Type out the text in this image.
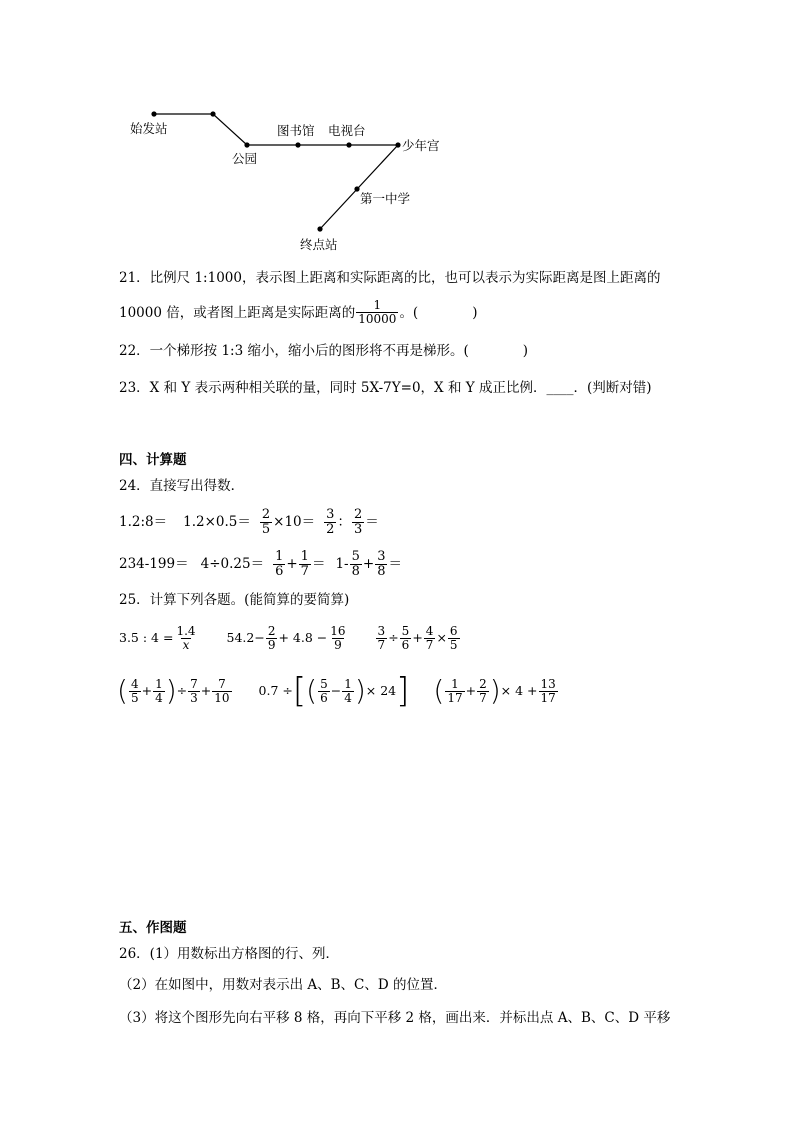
始发站
公园
图书馆 电视台
少年宫
第一中学
终点站
21．比例尺 1:1000，表示图上距离和实际距离的比，也可以表示为实际距离是图上距离的
10000 倍，或者图上距离是实际距离的 $\frac{1}{10000}$ 。(　　　　)
22．一个梯形按 1:3 缩小，缩小后的图形将不再是梯形。(　　　　)
23．X 和 Y 表示两种相关联的量，同时 5X-7Y=0，X 和 Y 成正比例．____．(判断对错)
四、计算题
24．直接写出得数．
1.2:8＝ $1.2\times 0.5= \frac{2}{5} \times 10= \frac{3}{2}$ ： $\frac{2}{3}$ ＝
$234-199= 4\div 0.25= \frac{1}{6} + \frac{1}{7} = 1- \frac{5}{8} + \frac{3}{8}$ ＝
25．计算下列各题。(能简算的要简算)
3.5 : $4 = \frac{1.4}{x} 54.2- \frac{2}{9} + 4.8 - \frac{16}{9} \frac{3}{7} \div \frac{5}{6} + \frac{4}{7} \times \frac{6}{5}$
( $\frac{4}{5} + \frac{1}{4}$ ) ÷ $\frac{7}{3} + \frac{7}{10} 0.7$ ÷ [ ( $\frac{5}{6} - \frac{1}{4}$ ) × 24 ] ( $\frac{1}{17} + \frac{2}{7}$ ) × $4 + \frac{13}{17}$
五、作图题
26．(1）用数标出方格图的行、列．
（2）在如图中，用数对表示出 A、B、C、D 的位置．
（3）将这个图形先向右平移 8 格，再向下平移 2 格，画出来．并标出点 A、B、C、D 平移
